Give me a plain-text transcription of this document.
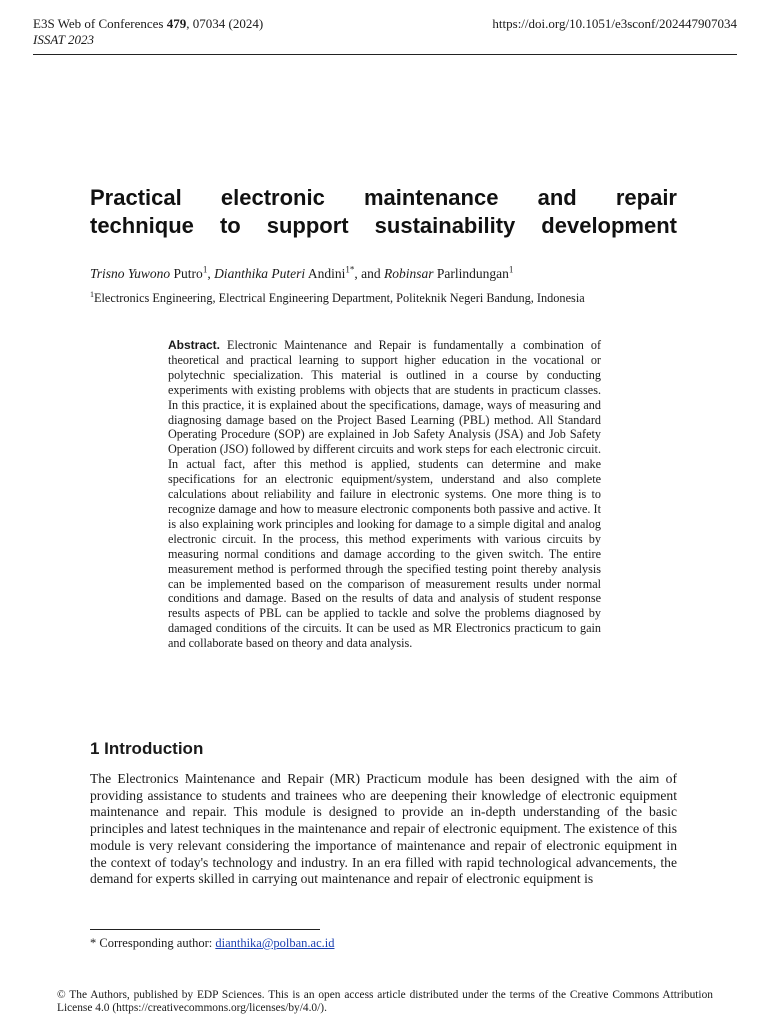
E3S Web of Conferences 479, 07034 (2024)
ISSAT 2023
https://doi.org/10.1051/e3sconf/202447907034
Practical electronic maintenance and repair
technique to support sustainability development
Trisno Yuwono Putro$^1$, Dianthika Puteri Andini$^{1*}$, and Robinsar Parlindungan$^1$
$^1$Electronics Engineering, Electrical Engineering Department, Politeknik Negeri Bandung, Indonesia

Abstract. Electronic Maintenance and Repair is fundamentally a combination of theoretical and practical learning to support higher education in the vocational or polytechnic specialization. This material is outlined in a course by conducting experiments with existing problems with objects that are students in practicum classes. In this practice, it is explained about the specifications, damage, ways of measuring and diagnosing damage based on the Project Based Learning (PBL) method. All Standard Operating Procedure (SOP) are explained in Job Safety Analysis (JSA) and Job Safety Operation (JSO) followed by different circuits and work steps for each electronic circuit. In actual fact, after this method is applied, students can determine and make specifications for an electronic equipment/system, understand and also complete calculations about reliability and failure in electronic systems. One more thing is to recognize damage and how to measure electronic components both passive and active. It is also explaining work principles and looking for damage to a simple digital and analog electronic circuit. In the process, this method experiments with various circuits by measuring normal conditions and damage according to the given switch. The entire measurement method is performed through the specified testing point thereby analysis can be implemented based on the comparison of measurement results under normal conditions and damage. Based on the results of data and analysis of student response results aspects of PBL can be applied to tackle and solve the problems diagnosed by damaged conditions of the circuits. It can be used as MR Electronics practicum to gain and collaborate based on theory and data analysis.

1 Introduction

The Electronics Maintenance and Repair (MR) Practicum module has been designed with the aim of providing assistance to students and trainees who are deepening their knowledge of electronic equipment maintenance and repair. This module is designed to provide an in-depth understanding of the basic principles and latest techniques in the maintenance and repair of electronic equipment. The existence of this module is very relevant considering the importance of maintenance and repair of electronic equipment in the context of today's technology and industry. In an era filled with rapid technological advancements, the demand for experts skilled in carrying out maintenance and repair of electronic equipment is

* Corresponding author: dianthika@polban.ac.id

© The Authors, published by EDP Sciences. This is an open access article distributed under the terms of the Creative Commons Attribution License 4.0 (https://creativecommons.org/licenses/by/4.0/).
